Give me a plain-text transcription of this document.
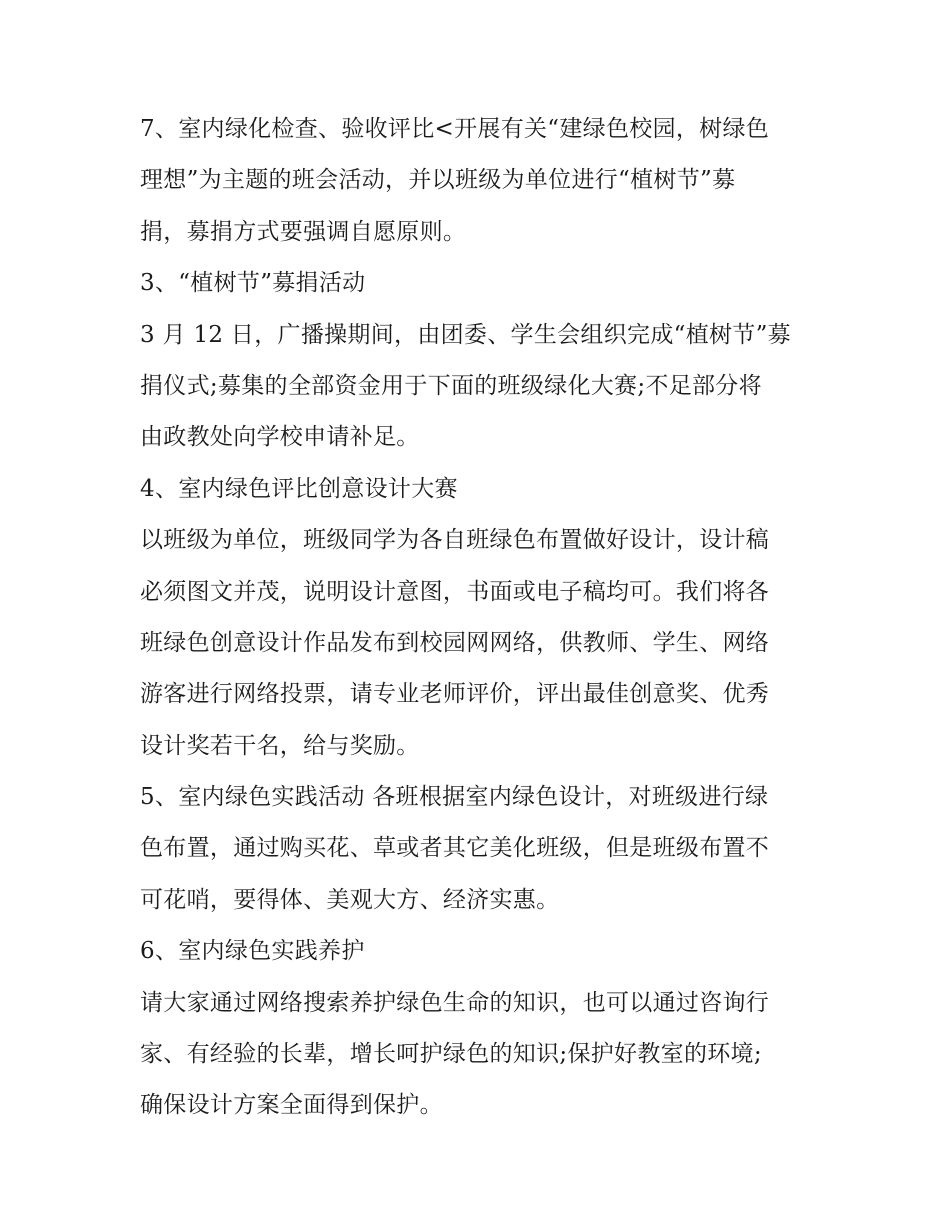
7、室内绿化检查、验收评比<开展有关“建绿色校园，树绿色
理想”为主题的班会活动，并以班级为单位进行“植树节”募
捐，募捐方式要强调自愿原则。
3、“植树节”募捐活动
3 月 12 日，广播操期间，由团委、学生会组织完成“植树节”募
捐仪式;募集的全部资金用于下面的班级绿化大赛;不足部分将
由政教处向学校申请补足。
4、室内绿色评比创意设计大赛
以班级为单位，班级同学为各自班绿色布置做好设计，设计稿
必须图文并茂，说明设计意图，书面或电子稿均可。我们将各
班绿色创意设计作品发布到校园网网络，供教师、学生、网络
游客进行网络投票，请专业老师评价，评出最佳创意奖、优秀
设计奖若干名，给与奖励。
5、室内绿色实践活动 各班根据室内绿色设计，对班级进行绿
色布置，通过购买花、草或者其它美化班级，但是班级布置不
可花哨，要得体、美观大方、经济实惠。
6、室内绿色实践养护
请大家通过网络搜索养护绿色生命的知识，也可以通过咨询行
家、有经验的长辈，增长呵护绿色的知识;保护好教室的环境;
确保设计方案全面得到保护。
